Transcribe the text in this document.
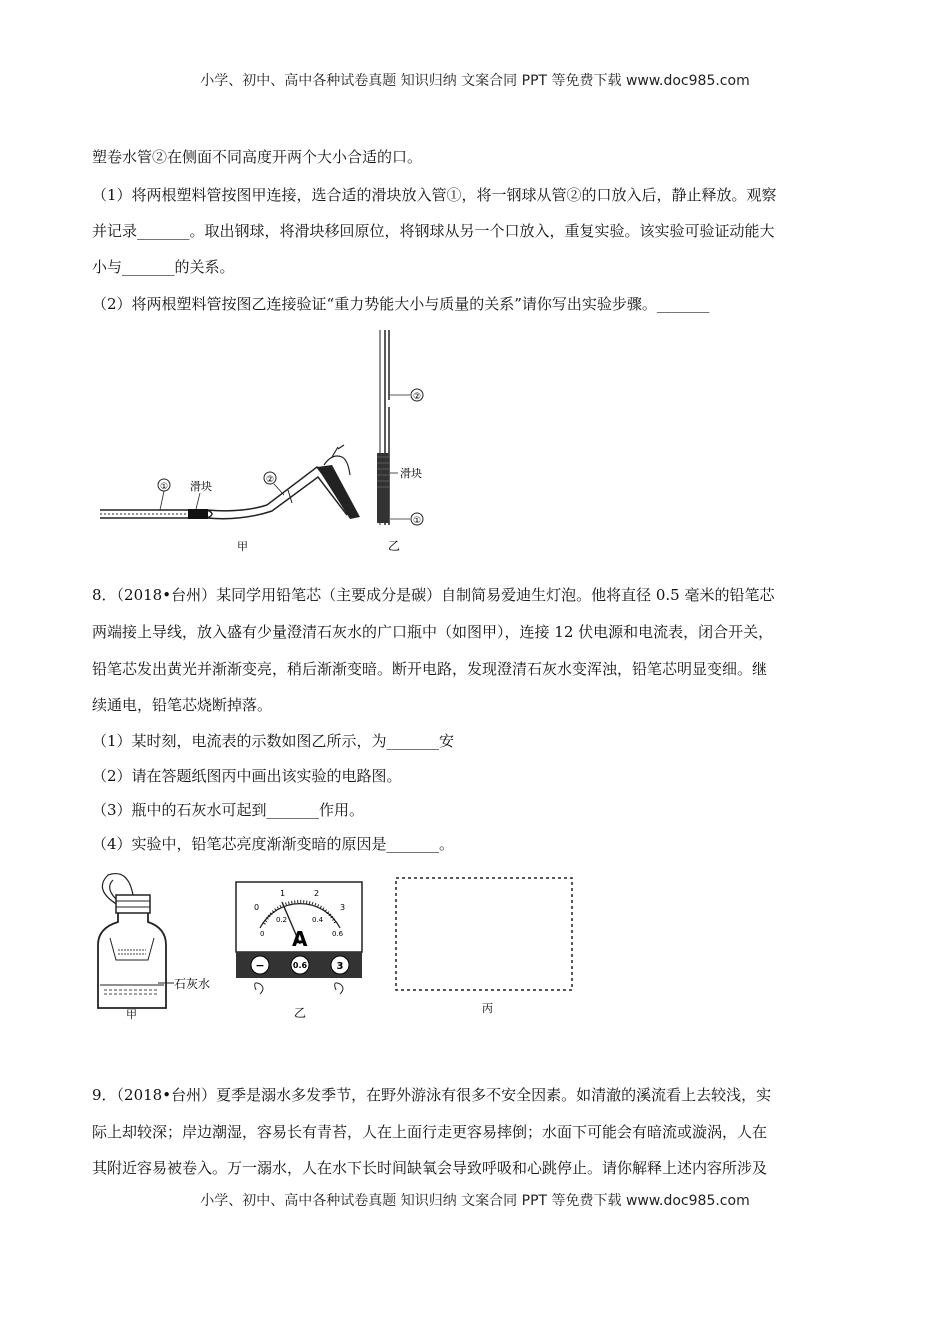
小学、初中、高中各种试卷真题 知识归纳 文案合同 PPT 等免费下载 www.doc985.com
塑卷水管②在侧面不同高度开两个大小合适的口。
（1）将两根塑料管按图甲连接，选合适的滑块放入管①，将一钢球从管②的口放入后，静止释放。观察
并记录_______。取出钢球，将滑块移回原位，将钢球从另一个口放入，重复实验。该实验可验证动能大
小与_______的关系。
（2）将两根塑料管按图乙连接验证“重力势能大小与质量的关系”请你写出实验步骤。_______
① 滑块	②
甲
②
滑块
①
乙
8．（2018•台州）某同学用铅笔芯（主要成分是碳）自制简易爱迪生灯泡。他将直径 0.5 毫米的铅笔芯
两端接上导线，放入盛有少量澄清石灰水的广口瓶中（如图甲），连接 12 伏电源和电流表，闭合开关，
铅笔芯发出黄光并渐渐变亮，稍后渐渐变暗。断开电路，发现澄清石灰水变浑浊，铅笔芯明显变细。继
续通电，铅笔芯烧断掉落。
（1）某时刻，电流表的示数如图乙所示，为_______安
（2）请在答题纸图丙中画出该实验的电路图。
（3）瓶中的石灰水可起到_______作用。
（4）实验中，铅笔芯亮度渐渐变暗的原因是_______。
石灰水
甲
0
1	2
3
0
0.2	0.4
0.6
A
−	0.6	3
乙	丙
9．（2018•台州）夏季是溺水多发季节，在野外游泳有很多不安全因素。如清澈的溪流看上去较浅，实
际上却较深；岸边潮湿，容易长有青苔，人在上面行走更容易摔倒；水面下可能会有暗流或漩涡，人在
其附近容易被卷入。万一溺水，人在水下长时间缺氧会导致呼吸和心跳停止。请你解释上述内容所涉及
小学、初中、高中各种试卷真题 知识归纳 文案合同 PPT 等免费下载 www.doc985.com
